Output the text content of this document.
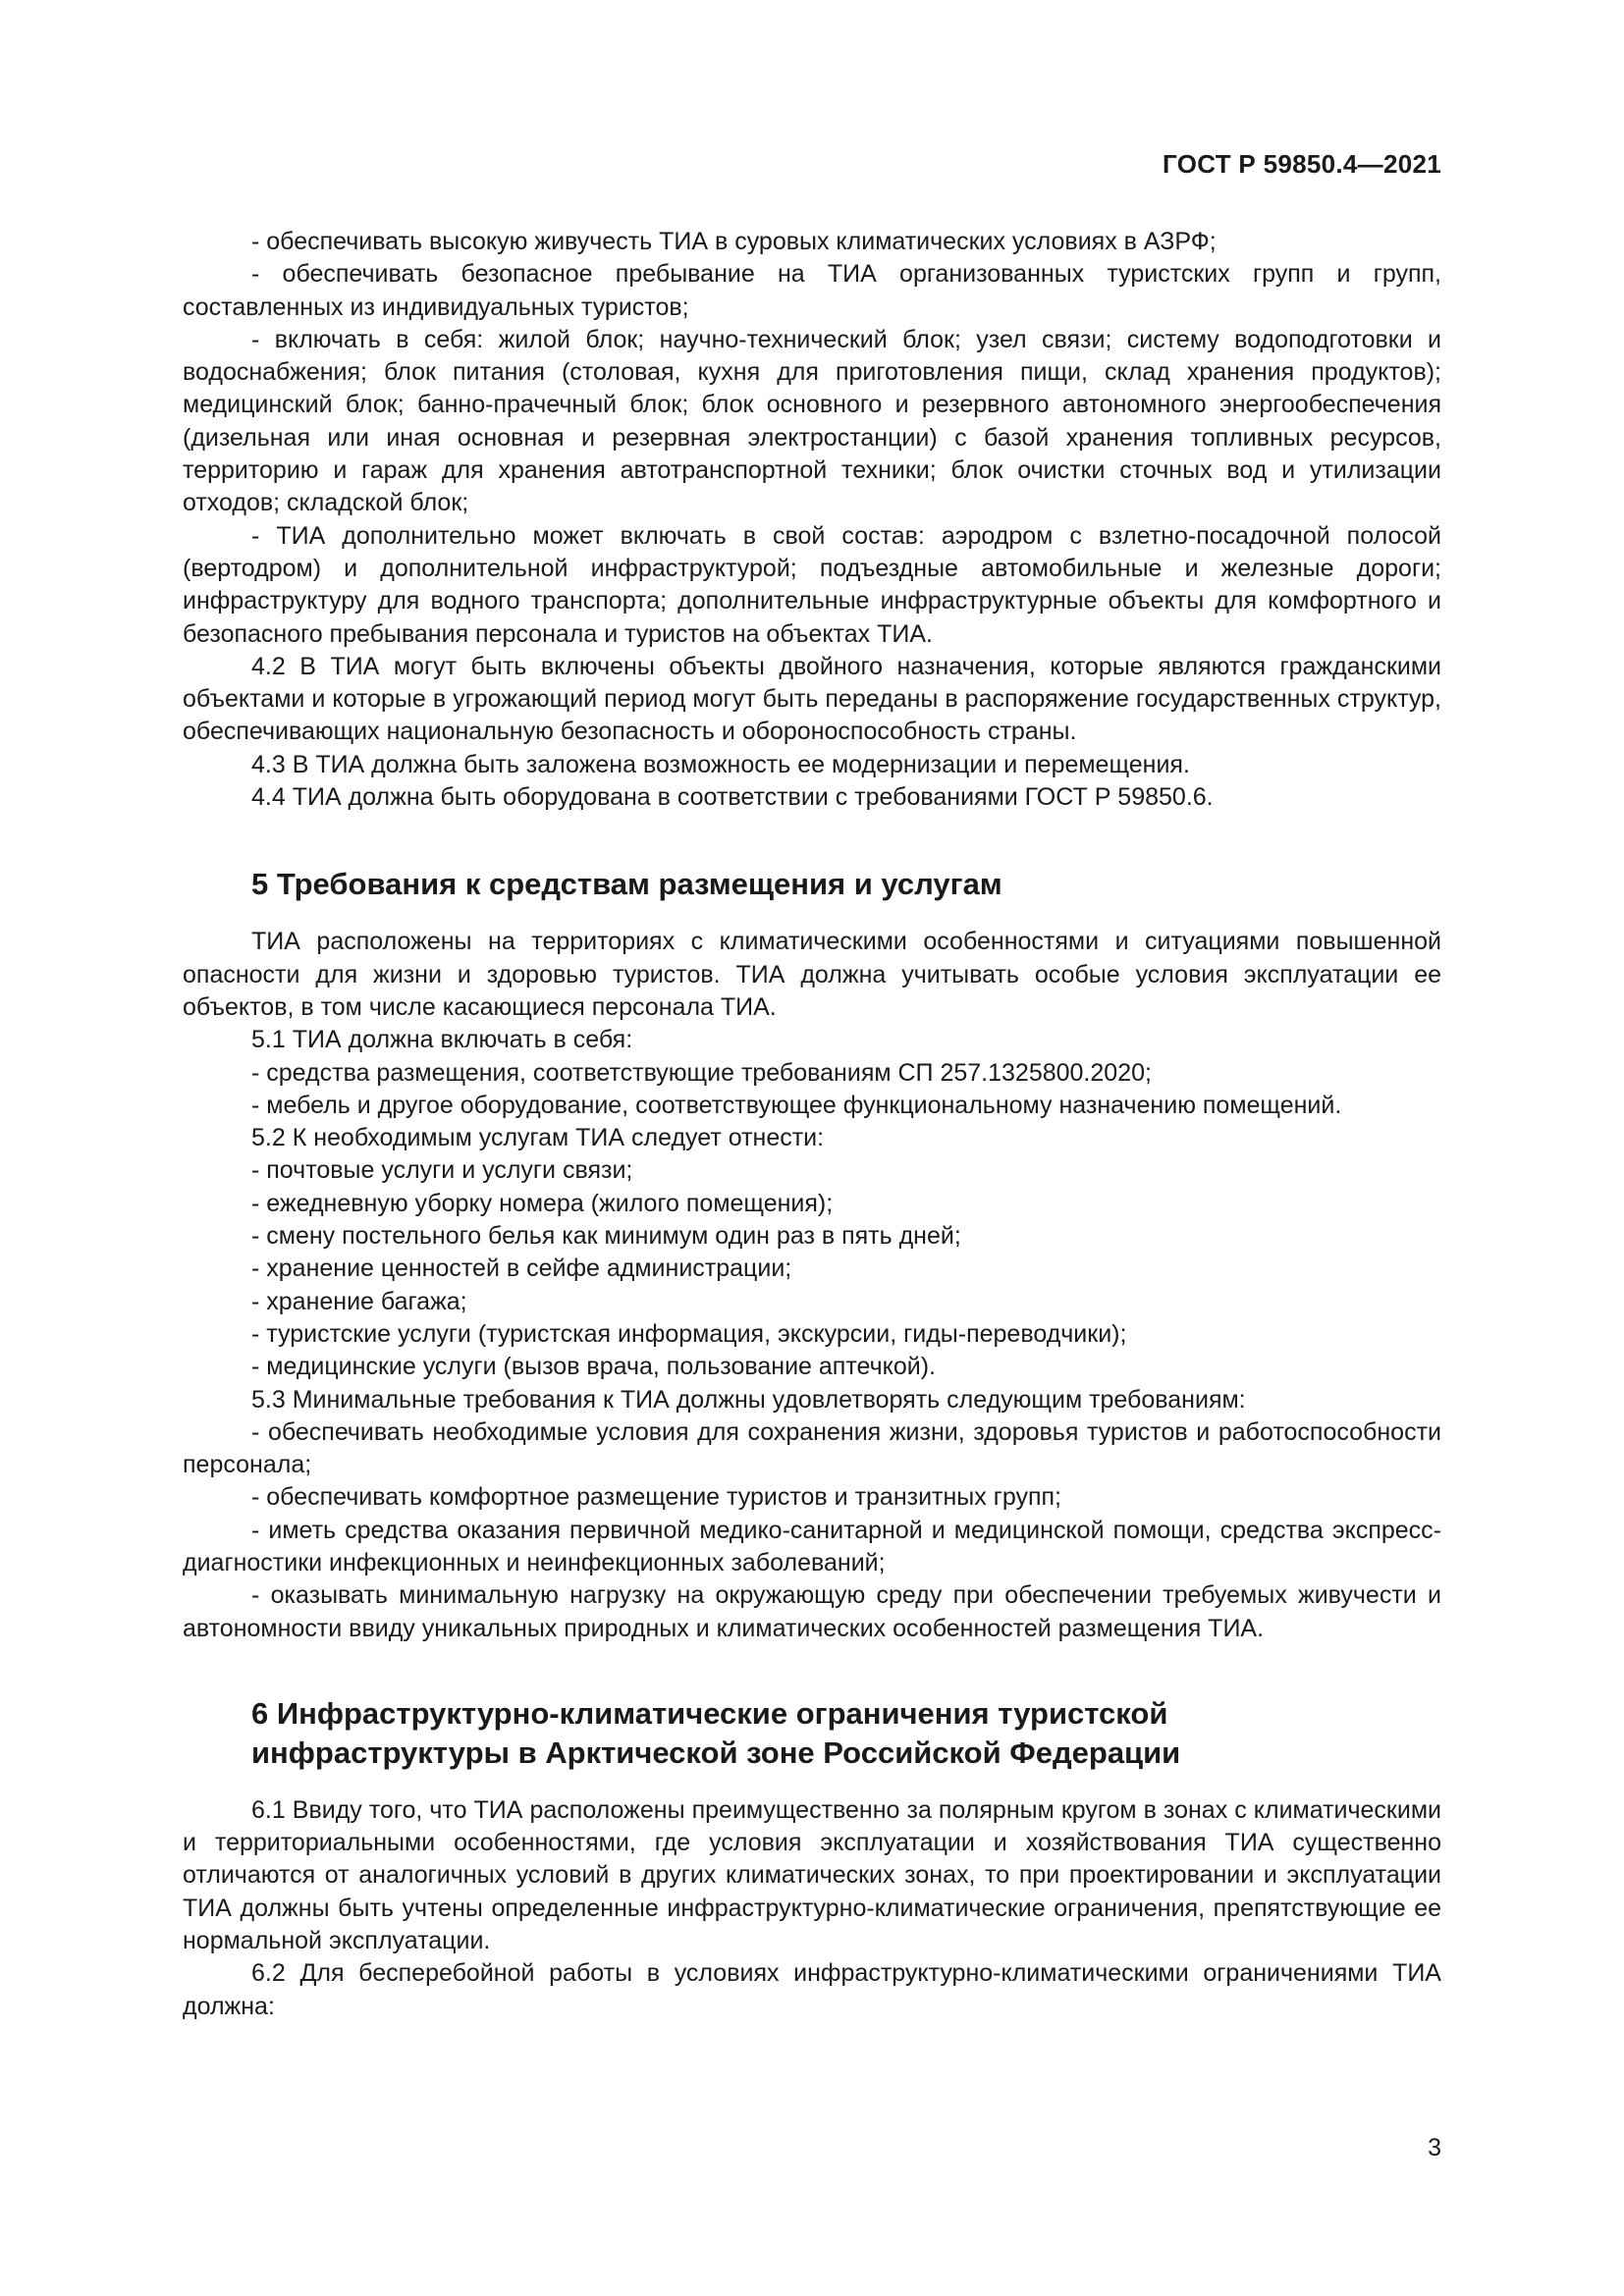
ГОСТ Р 59850.4—2021

- обеспечивать высокую живучесть ТИА в суровых климатических условиях в АЗРФ;

- обеспечивать безопасное пребывание на ТИА организованных туристских групп и групп, составленных из индивидуальных туристов;

- включать в себя: жилой блок; научно-технический блок; узел связи; систему водоподготовки и водоснабжения; блок питания (столовая, кухня для приготовления пищи, склад хранения продуктов); медицинский блок; банно-прачечный блок; блок основного и резервного автономного энергообеспечения (дизельная или иная основная и резервная электростанции) с базой хранения топливных ресурсов, территорию и гараж для хранения автотранспортной техники; блок очистки сточных вод и утилизации отходов; складской блок;

- ТИА дополнительно может включать в свой состав: аэродром с взлетно-посадочной полосой (вертодром) и дополнительной инфраструктурой; подъездные автомобильные и железные дороги; инфраструктуру для водного транспорта; дополнительные инфраструктурные объекты для комфортного и безопасного пребывания персонала и туристов на объектах ТИА.

4.2 В ТИА могут быть включены объекты двойного назначения, которые являются гражданскими объектами и которые в угрожающий период могут быть переданы в распоряжение государственных структур, обеспечивающих национальную безопасность и обороноспособность страны.

4.3 В ТИА должна быть заложена возможность ее модернизации и перемещения.

4.4 ТИА должна быть оборудована в соответствии с требованиями ГОСТ Р 59850.6.

5 Требования к средствам размещения и услугам

ТИА расположены на территориях с климатическими особенностями и ситуациями повышенной опасности для жизни и здоровью туристов. ТИА должна учитывать особые условия эксплуатации ее объектов, в том числе касающиеся персонала ТИА.

5.1 ТИА должна включать в себя:

- средства размещения, соответствующие требованиям СП 257.1325800.2020;

- мебель и другое оборудование, соответствующее функциональному назначению помещений.

5.2 К необходимым услугам ТИА следует отнести:

- почтовые услуги и услуги связи;

- ежедневную уборку номера (жилого помещения);

- смену постельного белья как минимум один раз в пять дней;

- хранение ценностей в сейфе администрации;

- хранение багажа;

- туристские услуги (туристская информация, экскурсии, гиды-переводчики);

- медицинские услуги (вызов врача, пользование аптечкой).

5.3 Минимальные требования к ТИА должны удовлетворять следующим требованиям:

- обеспечивать необходимые условия для сохранения жизни, здоровья туристов и работоспособности персонала;

- обеспечивать комфортное размещение туристов и транзитных групп;

- иметь средства оказания первичной медико-санитарной и медицинской помощи, средства экспресс-диагностики инфекционных и неинфекционных заболеваний;

- оказывать минимальную нагрузку на окружающую среду при обеспечении требуемых живучести и автономности ввиду уникальных природных и климатических особенностей размещения ТИА.

6 Инфраструктурно-климатические ограничения туристской
инфраструктуры в Арктической зоне Российской Федерации

6.1 Ввиду того, что ТИА расположены преимущественно за полярным кругом в зонах с климатическими и территориальными особенностями, где условия эксплуатации и хозяйствования ТИА существенно отличаются от аналогичных условий в других климатических зонах, то при проектировании и эксплуатации ТИА должны быть учтены определенные инфраструктурно-климатические ограничения, препятствующие ее нормальной эксплуатации.

6.2 Для бесперебойной работы в условиях инфраструктурно-климатическими ограничениями ТИА должна:

3
